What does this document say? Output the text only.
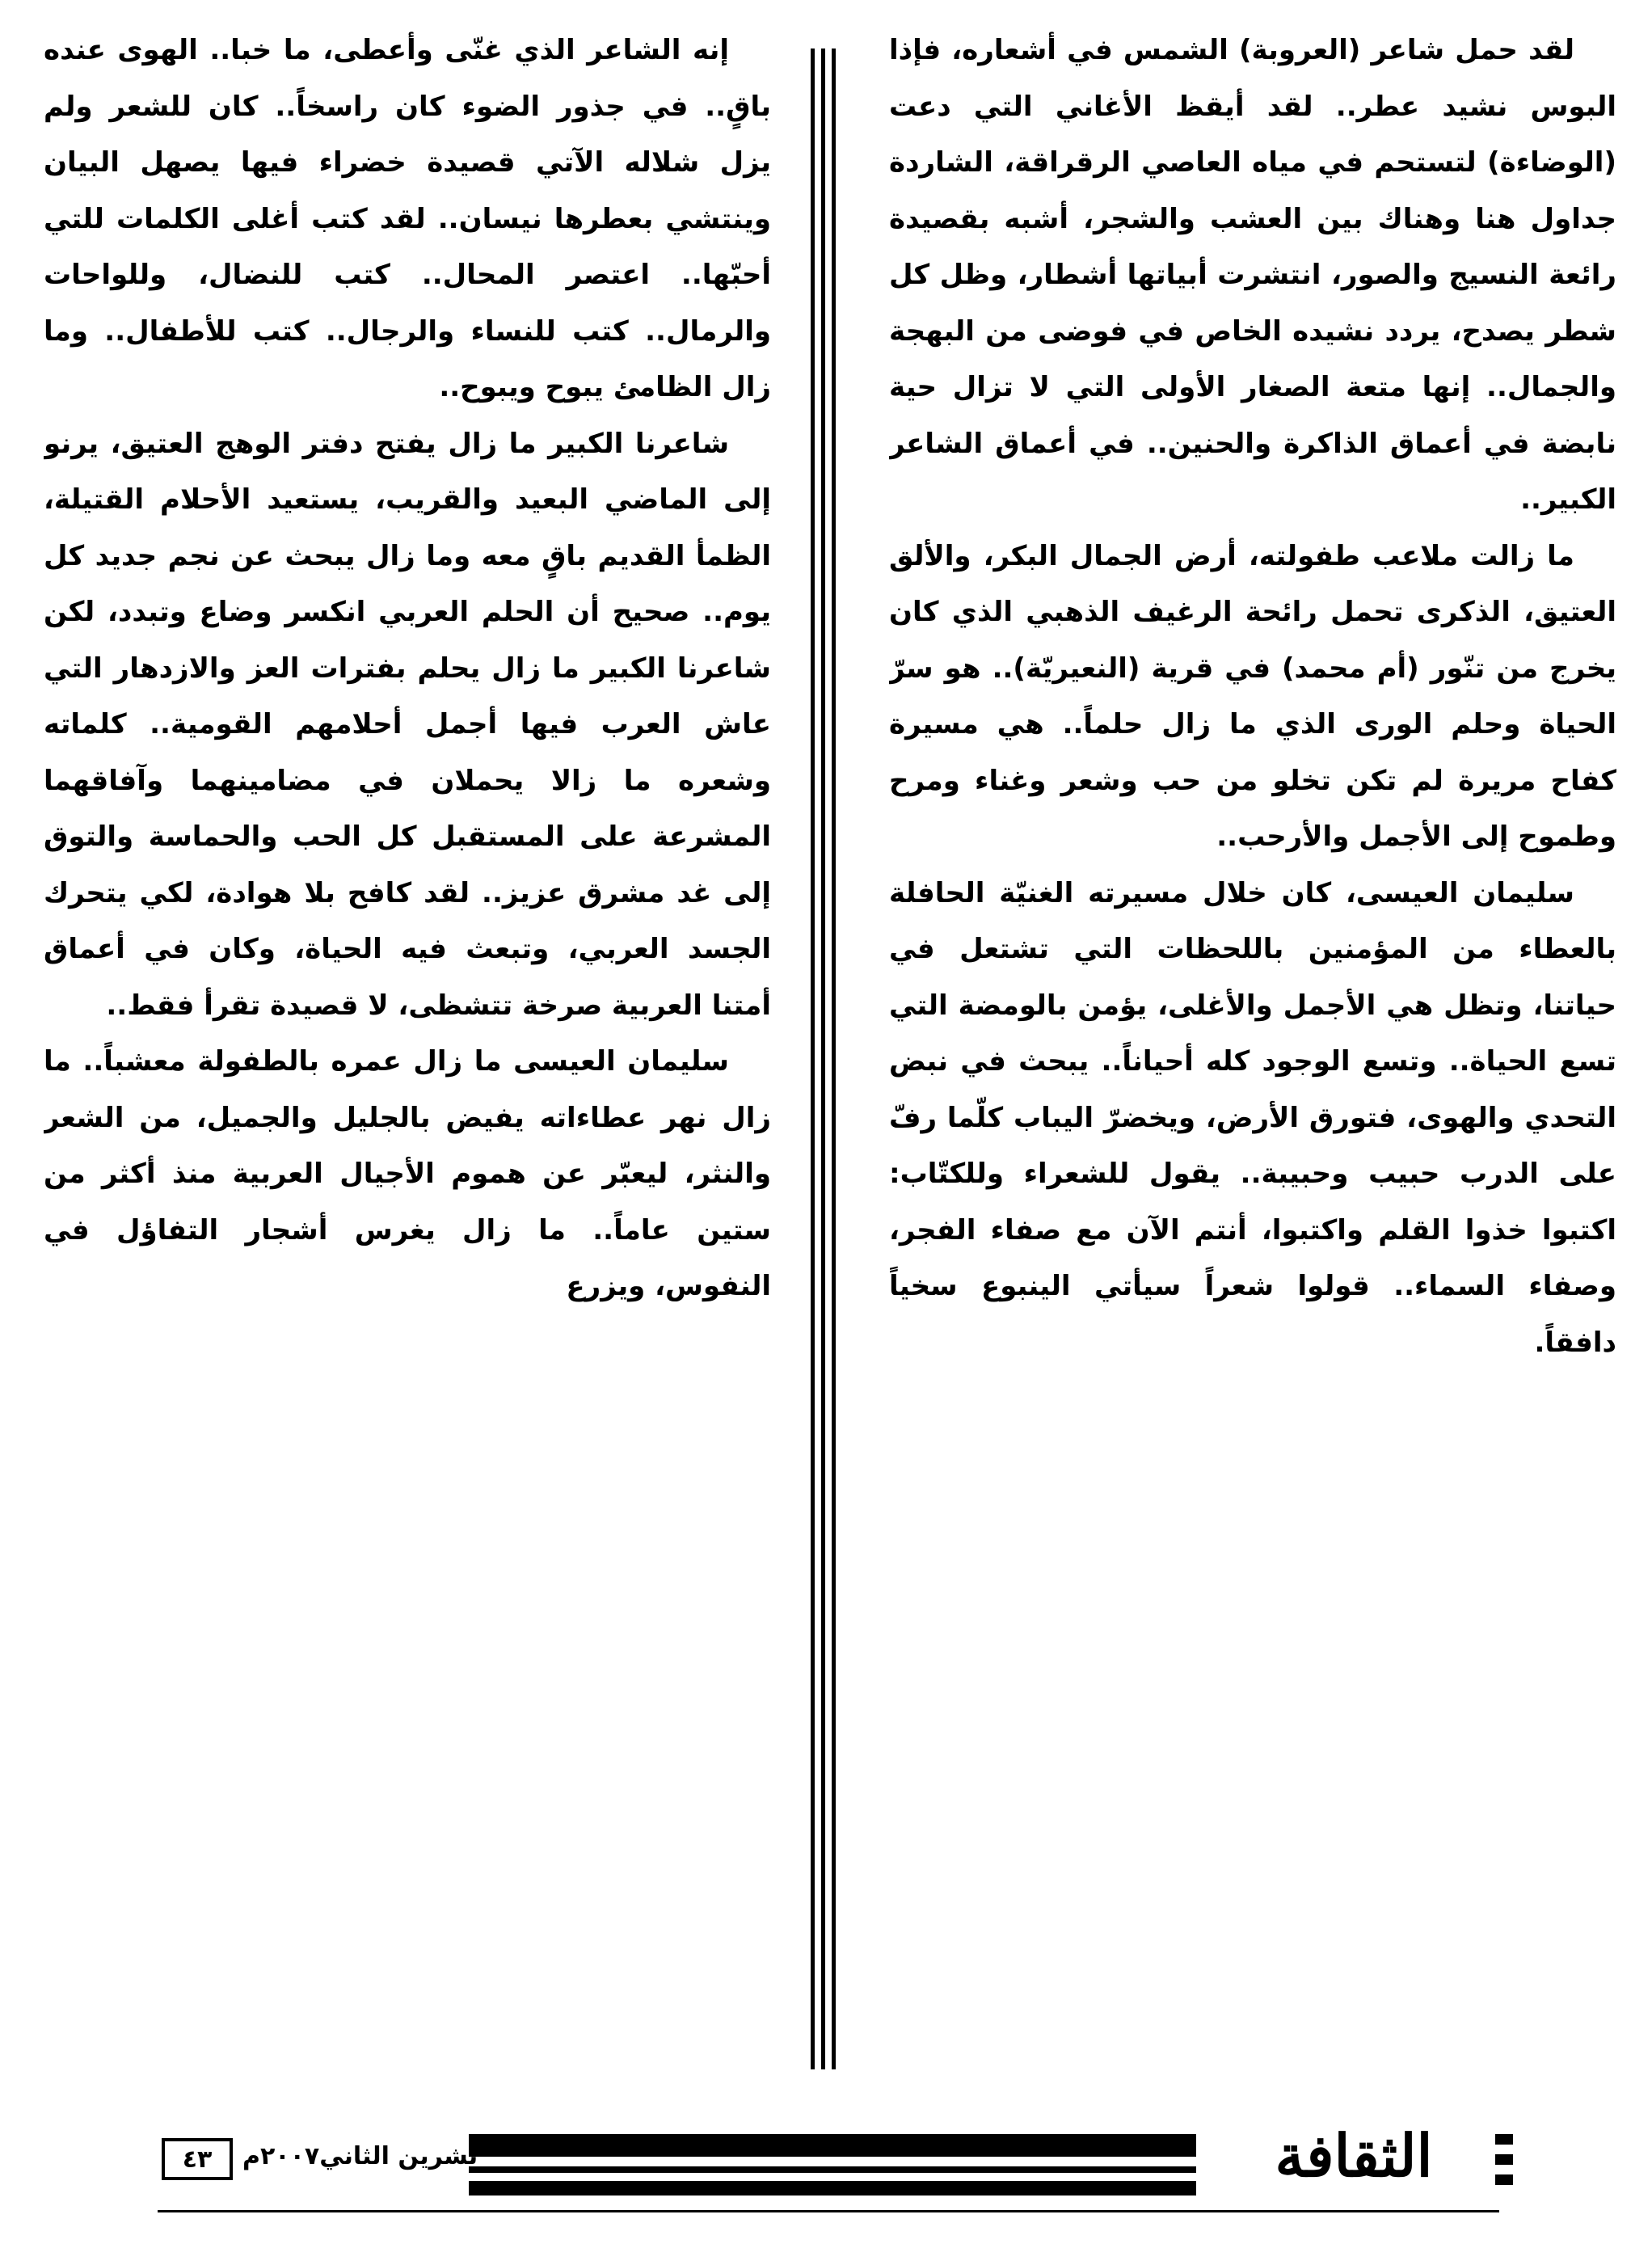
لقد حمل شاعر (العروبة) الشمس في أشعاره، فإذا البوس نشيد عطر.. لقد أيقظ الأغاني التي دعت (الوضاءة) لتستحم في مياه العاصي الرقراقة، الشاردة جداول هنا وهناك بين العشب والشجر، أشبه بقصيدة رائعة النسيج والصور، انتشرت أبياتها أشطار، وظل كل شطر يصدح، يردد نشيده الخاص في فوضى من البهجة والجمال.. إنها متعة الصغار الأولى التي لا تزال حية نابضة في أعماق الذاكرة والحنين.. في أعماق الشاعر الكبير..

ما زالت ملاعب طفولته، أرض الجمال البكر، والألق العتيق، الذكرى تحمل رائحة الرغيف الذهبي الذي كان يخرج من تنّور (أم محمد) في قرية (النعيريّة).. هو سرّ الحياة وحلم الورى الذي ما زال حلماً.. هي مسيرة كفاح مريرة لم تكن تخلو من حب وشعر وغناء ومرح وطموح إلى الأجمل والأرحب..

سليمان العيسى، كان خلال مسيرته الغنيّة الحافلة بالعطاء من المؤمنين باللحظات التي تشتعل في حياتنا، وتظل هي الأجمل والأغلى، يؤمن بالومضة التي تسع الحياة.. وتسع الوجود كله أحياناً.. يبحث في نبض التحدي والهوى، فتورق الأرض، ويخضرّ اليباب كلّما رفّ على الدرب حبيب وحبيبة.. يقول للشعراء وللكتّاب: اكتبوا خذوا القلم واكتبوا، أنتم الآن مع صفاء الفجر، وصفاء السماء.. قولوا شعراً سيأتي الينبوع سخياً دافقاً.

إنه الشاعر الذي غنّى وأعطى، ما خبا.. الهوى عنده باقٍ.. في جذور الضوء كان راسخاً.. كان للشعر ولم يزل شلاله الآتي قصيدة خضراء فيها يصهل البيان وينتشي بعطرها نيسان.. لقد كتب أغلى الكلمات للتي أحبّها.. اعتصر المحال.. كتب للنضال، وللواحات والرمال.. كتب للنساء والرجال.. كتب للأطفال.. وما زال الظامئ يبوح ويبوح..

شاعرنا الكبير ما زال يفتح دفتر الوهج العتيق، يرنو إلى الماضي البعيد والقريب، يستعيد الأحلام القتيلة، الظمأ القديم باقٍ معه وما زال يبحث عن نجم جديد كل يوم.. صحيح أن الحلم العربي انكسر وضاع وتبدد، لكن شاعرنا الكبير ما زال يحلم بفترات العز والازدهار التي عاش العرب فيها أجمل أحلامهم القومية.. كلماته وشعره ما زالا يحملان في مضامينهما وآفاقهما المشرعة على المستقبل كل الحب والحماسة والتوق إلى غد مشرق عزيز.. لقد كافح بلا هوادة، لكي يتحرك الجسد العربي، وتبعث فيه الحياة، وكان في أعماق أمتنا العربية صرخة تتشظى، لا قصيدة تقرأ فقط..

سليمان العيسى ما زال عمره بالطفولة معشباً.. ما زال نهر عطاءاته يفيض بالجليل والجميل، من الشعر والنثر، ليعبّر عن هموم الأجيال العربية منذ أكثر من ستين عاماً.. ما زال يغرس أشجار التفاؤل في النفوس، ويزرع

تشرين الثاني٢٠٠٧م
٤٣	الثقافة
